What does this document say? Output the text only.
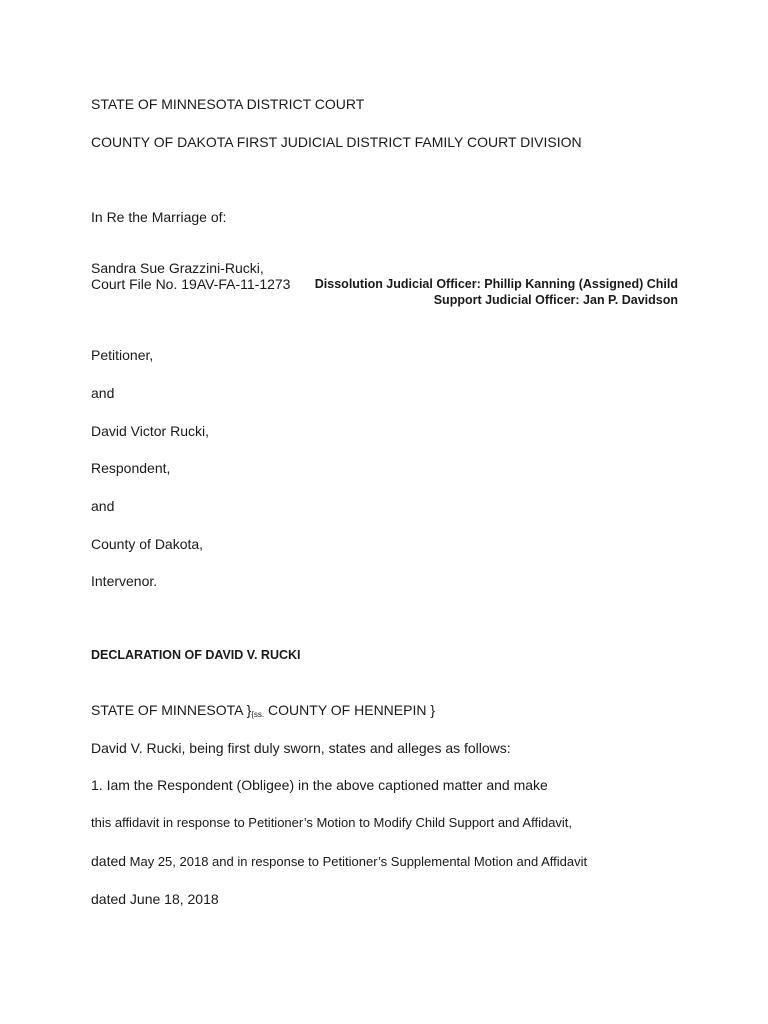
STATE OF MINNESOTA DISTRICT COURT
COUNTY OF DAKOTA FIRST JUDICIAL DISTRICT FAMILY COURT DIVISION
In Re the Marriage of:
Sandra Sue Grazzini-Rucki,
Court File No. 19AV-FA-11-1273	Dissolution Judicial Officer: Phillip Kanning (Assigned) Child
Support Judicial Officer: Jan P. Davidson
Petitioner,
and
David Victor Rucki,
Respondent,
and
County of Dakota,
Intervenor.
DECLARATION OF DAVID V. RUCKI
STATE OF MINNESOTA }$_{\{ss.}$ COUNTY OF HENNEPIN }
David V. Rucki, being first duly sworn, states and alleges as follows:
1. Iam the Respondent (Obligee) in the above captioned matter and make
this affidavit in response to Petitioner’s Motion to Modify Child Support and Affidavit,
dated May 25, 2018 and in response to Petitioner’s Supplemental Motion and Affidavit
dated June 18, 2018
